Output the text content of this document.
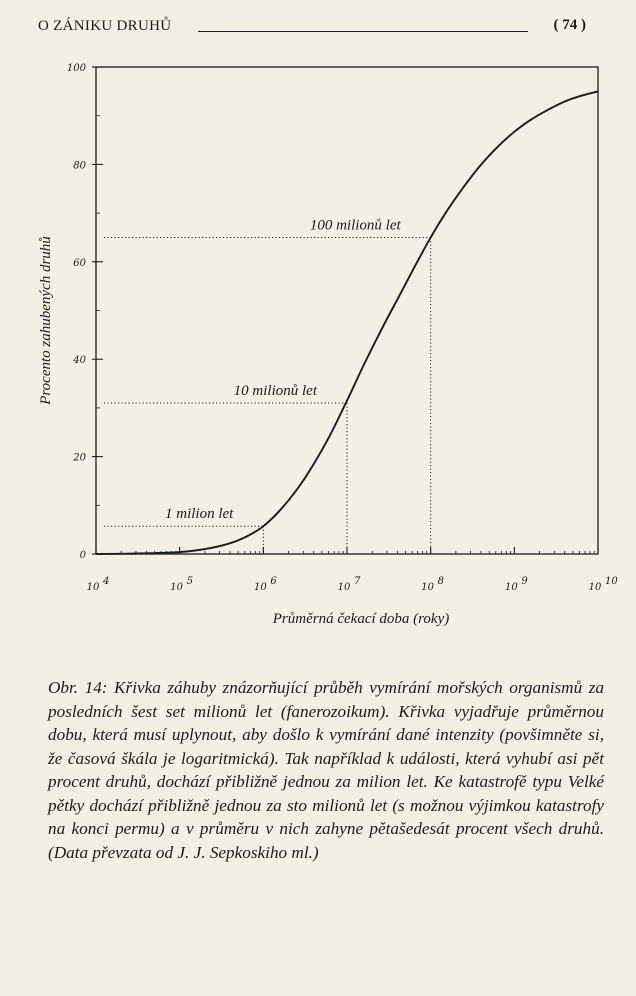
O ZÁNIKU DRUHŮ	( 74 )
0
20
40
60
80
100
10
4
10
5
10
6
10
7
10
8
10
9
10
10
1 milion let
10 milionů let
100 milionů let
Průměrná čekací doba (roky)
Procento zahubených druhů

Obr. 14: Křivka záhuby znázorňující průběh vymírání mořských organismů za posledních šest set milionů let (fanerozoikum). Křivka vyjadřuje průměrnou dobu, která musí uplynout, aby došlo k vymírání dané intenzity (povšimněte si, že časová škála je logaritmická). Tak například k události, která vyhubí asi pět procent druhů, dochází přibližně jednou za milion let. Ke katastrofě typu Velké pětky dochází přibližně jednou za sto milionů let (s možnou výjimkou katastrofy na konci permu) a v průměru v nich zahyne pětašedesát procent všech druhů. (Data převzata od J. J. Sepkoskiho ml.)
